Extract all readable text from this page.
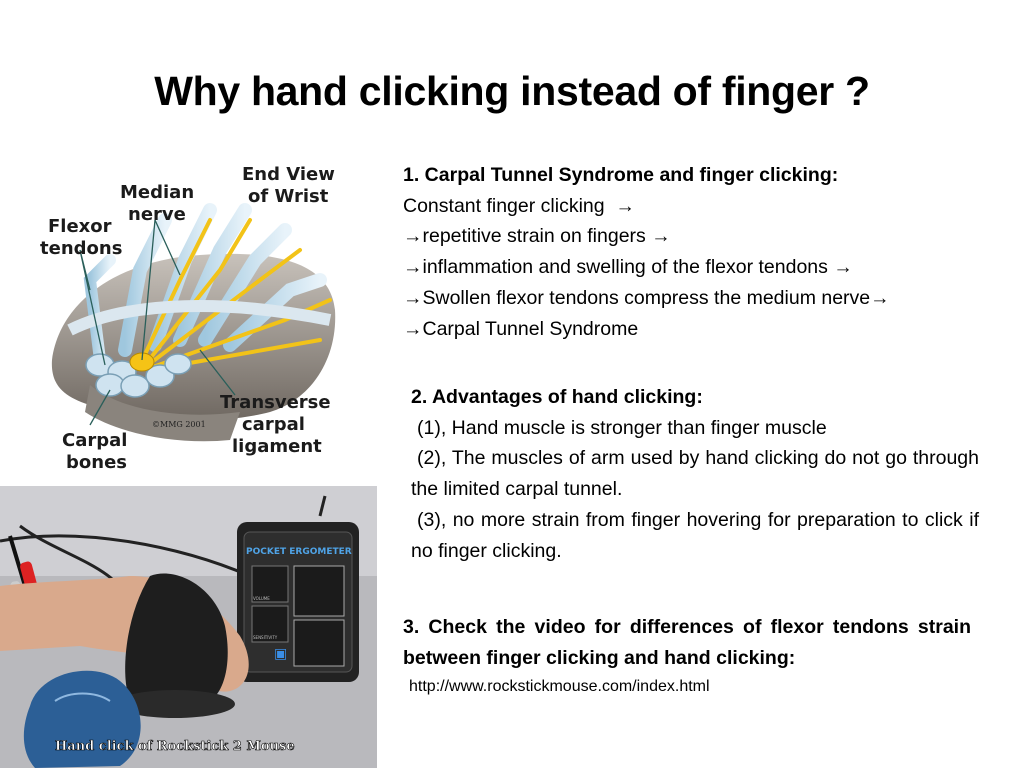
Why hand clicking instead of finger ?
End View of Wrist
Median nerve
Flexor tendons
Transverse carpal ligament
Carpal bones
©MMG 2001
POCKET ERGOMETER
VOLUME
SENSITIVITY
▣
Hand click of Rockstick 2 Mouse
1. Carpal Tunnel Syndrome and finger clicking:
Constant finger clicking →
→repetitive strain on fingers →
→inflammation and swelling of the flexor tendons →
→Swollen flexor tendons compress the medium nerve→
→Carpal Tunnel Syndrome
2. Advantages of hand clicking:
(1), Hand muscle is stronger than finger muscle
(2), The muscles of arm used by hand clicking do not go through the limited carpal tunnel.
(3), no more strain from finger hovering for preparation to click if no finger clicking.
3. Check the video for differences of flexor tendons strain between finger clicking and hand clicking:
http://www.rockstickmouse.com/index.html
